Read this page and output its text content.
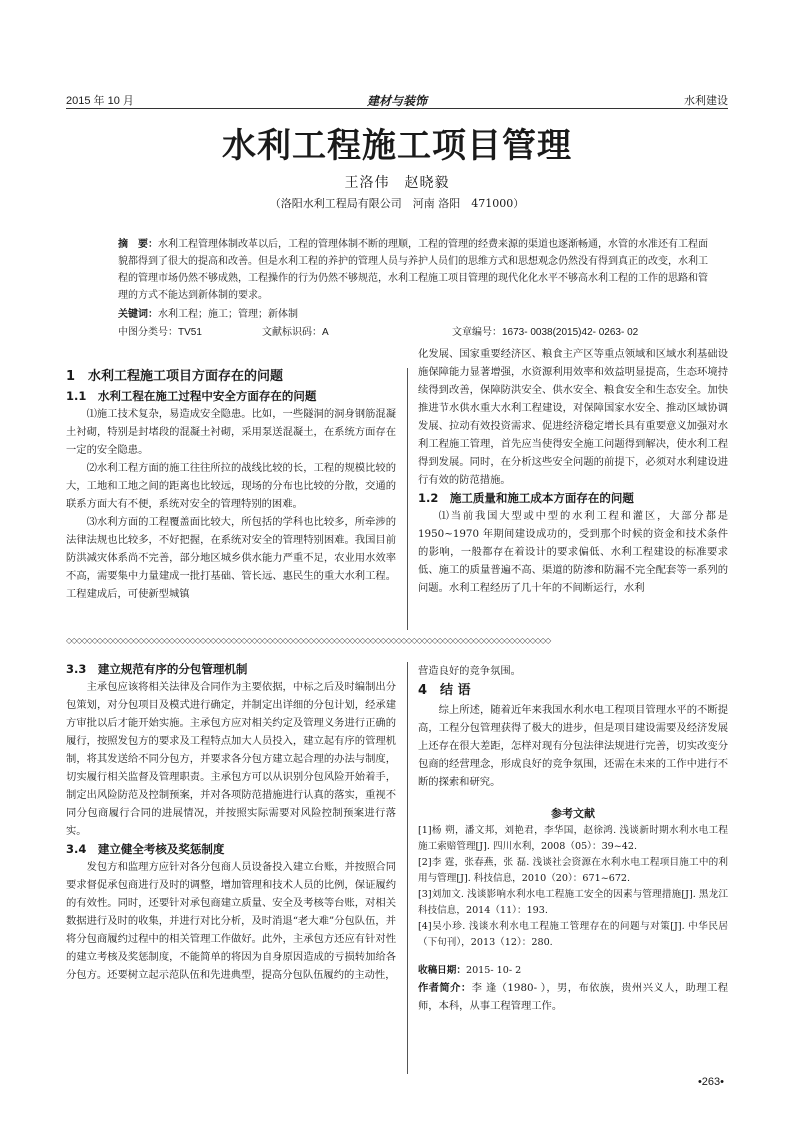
2015 年 10 月	建材与装饰	水利建设
水利工程施工项目管理
王洛伟　赵晓毅
（洛阳水利工程局有限公司　河南 洛阳　471000）
摘　要：水利工程管理体制改革以后，工程的管理体制不断的理顺，工程的管理的经费来源的渠道也逐渐畅通，水管的水准还有工程面貌都得到了很大的提高和改善。但是水利工程的养护的管理人员与养护人员们的思维方式和思想观念仍然没有得到真正的改变，水利工程的管理市场仍然不够成熟，工程操作的行为仍然不够规范，水利工程施工项目管理的现代化化水平不够高水利工程的工作的思路和管理的方式不能达到新体制的要求。
关键词：水利工程；施工；管理；新体制
中图分类号：TV51	文献标识码：A	文章编号：1673- 0038(2015)42- 0263- 02
1　水利工程施工项目方面存在的问题
1.1　水利工程在施工过程中安全方面存在的问题

⑴施工技术复杂，易造成安全隐患。比如，一些隧洞的洞身钢筋混凝土衬砌，特别是封堵段的混凝土衬砌，采用泵送混凝土，在系统方面存在一定的安全隐患。

⑵水利工程方面的施工往往所拉的战线比较的长，工程的规模比较的大，工地和工地之间的距离也比较远，现场的分布也比较的分散，交通的联系方面大有不便，系统对安全的管理特别的困难。

⑶水利方面的工程覆盖面比较大，所包括的学科也比较多，所牵涉的法律法规也比较多，不好把握，在系统对安全的管理特别困难。我国目前防洪减灾体系尚不完善，部分地区城乡供水能力严重不足，农业用水效率不高，需要集中力量建成一批打基础、管长远、惠民生的重大水利工程。工程建成后，可使新型城镇

化发展、国家重要经济区、粮食主产区等重点领域和区域水利基础设施保障能力显著增强，水资源利用效率和效益明显提高，生态环境持续得到改善，保障防洪安全、供水安全、粮食安全和生态安全。加快推进节水供水重大水利工程建设，对保障国家水安全、推动区域协调发展、拉动有效投资需求、促进经济稳定增长具有重要意义加强对水利工程施工管理，首先应当使得安全施工问题得到解决，使水利工程得到发展。同时，在分析这些安全问题的前提下，必须对水利建设进行有效的防范措施。

1.2　施工质量和施工成本方面存在的问题

⑴当前我国大型或中型的水利工程和灌区，大部分都是 1950~1970 年期间建设成功的，受到那个时候的资金和技术条件的影响，一般都存在着设计的要求偏低、水利工程建设的标准要求低、施工的质量普遍不高、渠道的防渗和防漏不完全配套等一系列的问题。水利工程经历了几十年的不间断运行，水利

◇◇◇◇◇◇◇◇◇◇◇◇◇◇◇◇◇◇◇◇◇◇◇◇◇◇◇◇◇◇◇◇◇◇◇◇◇◇◇◇◇◇◇◇◇◇◇◇◇◇◇◇◇◇◇◇◇◇◇◇◇◇◇◇◇◇◇◇◇◇◇◇◇◇◇◇◇◇◇◇◇◇◇◇◇◇◇◇◇◇◇◇◇◇
3.3　建立规范有序的分包管理机制

主承包应该将相关法律及合同作为主要依据，中标之后及时编制出分包策划，对分包项目及模式进行确定，并制定出详细的分包计划，经承建方审批以后才能开始实施。主承包方应对相关约定及管理义务进行正确的履行，按照发包方的要求及工程特点加大人员投入，建立起有序的管理机制，将其发送给不同分包方，并要求各分包方建立起合理的办法与制度，切实履行相关监督及管理职责。主承包方可以从识别分包风险开始着手，制定出风险防范及控制预案，并对各项防范措施进行认真的落实，重视不同分包商履行合同的进展情况，并按照实际需要对风险控制预案进行落实。

3.4　建立健全考核及奖惩制度

发包方和监理方应针对各分包商人员设备投入建立台账，并按照合同要求督促承包商进行及时的调整，增加管理和技术人员的比例，保证履约的有效性。同时，还要针对承包商建立质量、安全及考核等台账，对相关数据进行及时的收集，并进行对比分析，及时消退“老大难”分包队伍，并将分包商履约过程中的相关管理工作做好。此外，主承包方还应有针对性的建立考核及奖惩制度，不能简单的将因为自身原因造成的亏损转加给各分包方。还要树立起示范队伍和先进典型，提高分包队伍履约的主动性，

营造良好的竞争氛围。

4　结 语

综上所述，随着近年来我国水利水电工程项目管理水平的不断提高，工程分包管理获得了极大的进步，但是项目建设需要及经济发展上还存在很大差距，怎样对现有分包法律法规进行完善，切实改变分包商的经营理念，形成良好的竞争氛围，还需在未来的工作中进行不断的探索和研究。

参考文献
[1]杨 朔，潘文邦，刘艳君，李华国，赵徐鸿. 浅谈新时期水利水电工程施工索赔管理[J]. 四川水利，2008（05）：39~42.
[2]李 霆，张春燕，张 磊. 浅谈社会资源在水利水电工程项目施工中的利用与管理[J]. 科技信息，2010（20）：671~672.
[3]刘加文. 浅谈影响水利水电工程施工安全的因素与管理措施[J]. 黑龙江科技信息，2014（11）：193.
[4]吴小珍. 浅谈水利水电工程施工管理存在的问题与对策[J]. 中华民居（下旬刊），2013（12）：280.
收稿日期：2015- 10- 2
作者简介：李 逢（1980- ），男，布依族，贵州兴义人，助理工程师，本科，从事工程管理工作。
•263•
